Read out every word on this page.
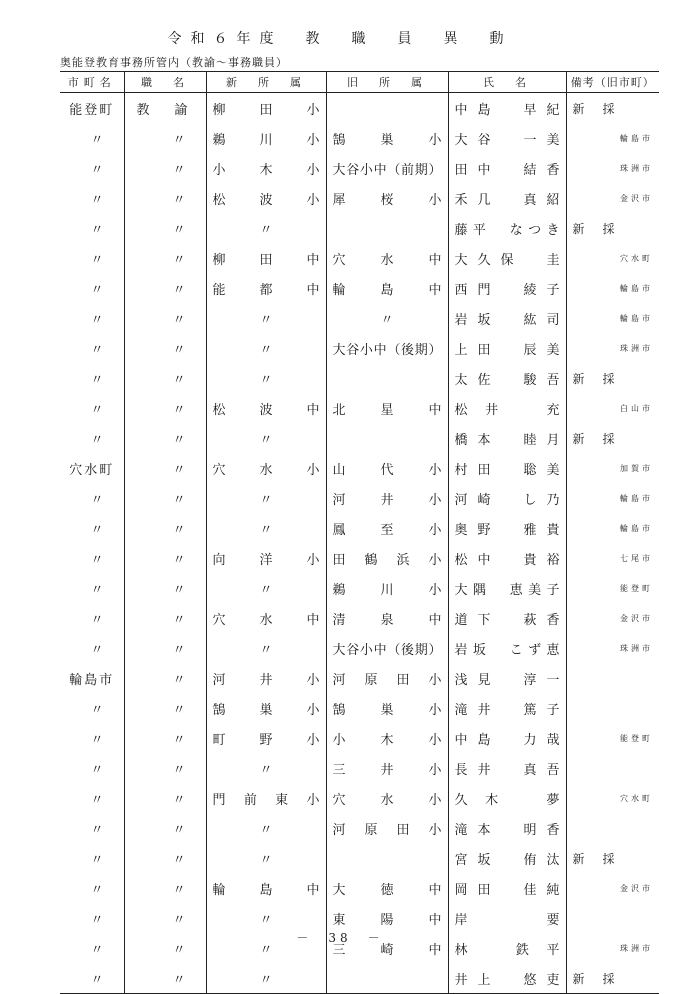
令和６年度　教　職　員　異　動
奥能登教育事務所管内（教諭～事務職員）
市町名	職　名	新　所　属	旧　所　属	氏　名	備考（旧市町）
能登町	教　諭	柳　田　小		中島　早紀	新　採

〃	〃	鵜　川　小	鵠　巣　小	大谷　一美	輪島市

〃	〃	小　木　小	大谷小中（前期）	田中　結香	珠洲市

〃	〃	松　波　小	犀　桜　小	禾几　真紹	金沢市

〃	〃	〃		藤平　なつき	新　採

〃	〃	柳　田　中	穴　水　中	大久保　圭	穴水町

〃	〃	能　都　中	輪　島　中	西門　綾子	輪島市

〃	〃	〃	〃	岩坂　紘司	輪島市

〃	〃	〃	大谷小中（後期）	上田　辰美	珠洲市

〃	〃	〃		太佐　駿吾	新　採

〃	〃	松　波　中	北　星　中	松井　充	白山市

〃	〃	〃		橋本　睦月	新　採

穴水町	〃	穴　水　小	山　代　小	村田　聡美	加賀市

〃	〃	〃	河　井　小	河崎　し乃	輪島市

〃	〃	〃	鳳　至　小	奥野　雅貴	輪島市

〃	〃	向　洋　小	田　鶴　浜　小	松中　貴裕	七尾市

〃	〃	〃	鵜　川　小	大隅　恵美子	能登町

〃	〃	穴　水　中	清　泉　中	道下　萩香	金沢市

〃	〃	〃	大谷小中（後期）	岩坂　こず恵	珠洲市

輪島市	〃	河　井　小	河　原　田　小	浅見　淳一	

〃	〃	鵠　巣　小	鵠　巣　小	滝井　篤子	

〃	〃	町　野　小	小　木　小	中島　力哉	能登町

〃	〃	〃	三　井　小	長井　真吾	

〃	〃	門　前　東　小	穴　水　小	久木　夢	穴水町

〃	〃	〃	河　原　田　小	滝本　明香	

〃	〃	〃		宮坂　侑汰	新　採

〃	〃	輪　島　中	大　徳　中	岡田　佳純	金沢市

〃	〃	〃	東　陽　中	岸　要	

〃	〃	〃	三　崎　中	林　鉄平	珠洲市

〃	〃	〃		井上　悠吏	新　採
－　38　－
